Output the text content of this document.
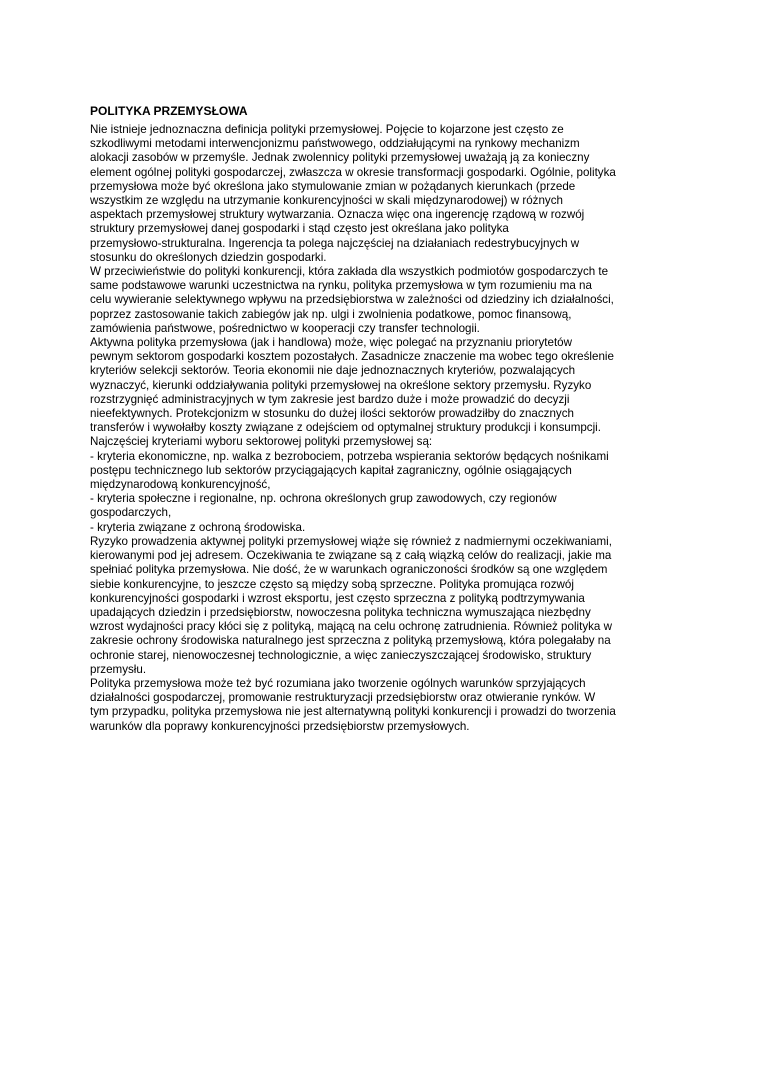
POLITYKA PRZEMYSŁOWA

Nie istnieje jednoznaczna definicja polityki przemysłowej. Pojęcie to kojarzone jest często ze
szkodliwymi metodami interwencjonizmu państwowego, oddziałującymi na rynkowy mechanizm
alokacji zasobów w przemyśle. Jednak zwolennicy polityki przemysłowej uważają ją za konieczny
element ogólnej polityki gospodarczej, zwłaszcza w okresie transformacji gospodarki. Ogólnie, polityka
przemysłowa może być określona jako stymulowanie zmian w pożądanych kierunkach (przede
wszystkim ze względu na utrzymanie konkurencyjności w skali międzynarodowej) w różnych
aspektach przemysłowej struktury wytwarzania. Oznacza więc ona ingerencję rządową w rozwój
struktury przemysłowej danej gospodarki i stąd często jest określana jako polityka
przemysłowo-strukturalna. Ingerencja ta polega najczęściej na działaniach redestrybucyjnych w
stosunku do określonych dziedzin gospodarki.

W przeciwieństwie do polityki konkurencji, która zakłada dla wszystkich podmiotów gospodarczych te
same podstawowe warunki uczestnictwa na rynku, polityka przemysłowa w tym rozumieniu ma na
celu wywieranie selektywnego wpływu na przedsiębiorstwa w zależności od dziedziny ich działalności,
poprzez zastosowanie takich zabiegów jak np. ulgi i zwolnienia podatkowe, pomoc finansową,
zamówienia państwowe, pośrednictwo w kooperacji czy transfer technologii.

Aktywna polityka przemysłowa (jak i handlowa) może, więc polegać na przyznaniu priorytetów
pewnym sektorom gospodarki kosztem pozostałych. Zasadnicze znaczenie ma wobec tego określenie
kryteriów selekcji sektorów. Teoria ekonomii nie daje jednoznacznych kryteriów, pozwalających
wyznaczyć, kierunki oddziaływania polityki przemysłowej na określone sektory przemysłu. Ryzyko
rozstrzygnięć administracyjnych w tym zakresie jest bardzo duże i może prowadzić do decyzji
nieefektywnych. Protekcjonizm w stosunku do dużej ilości sektorów prowadziłby do znacznych
transferów i wywołałby koszty związane z odejściem od optymalnej struktury produkcji i konsumpcji.

Najczęściej kryteriami wyboru sektorowej polityki przemysłowej są:

- kryteria ekonomiczne, np. walka z bezrobociem, potrzeba wspierania sektorów będących nośnikami
postępu technicznego lub sektorów przyciągających kapitał zagraniczny, ogólnie osiągających
międzynarodową konkurencyjność,

- kryteria społeczne i regionalne, np. ochrona określonych grup zawodowych, czy regionów
gospodarczych,

- kryteria związane z ochroną środowiska.

Ryzyko prowadzenia aktywnej polityki przemysłowej wiąże się również z nadmiernymi oczekiwaniami,
kierowanymi pod jej adresem. Oczekiwania te związane są z całą wiązką celów do realizacji, jakie ma
spełniać polityka przemysłowa. Nie dość, że w warunkach ograniczoności środków są one względem
siebie konkurencyjne, to jeszcze często są między sobą sprzeczne. Polityka promująca rozwój
konkurencyjności gospodarki i wzrost eksportu, jest często sprzeczna z polityką podtrzymywania
upadających dziedzin i przedsiębiorstw, nowoczesna polityka techniczna wymuszająca niezbędny
wzrost wydajności pracy kłóci się z polityką, mającą na celu ochronę zatrudnienia. Również polityka w
zakresie ochrony środowiska naturalnego jest sprzeczna z polityką przemysłową, która polegałaby na
ochronie starej, nienowoczesnej technologicznie, a więc zanieczyszczającej środowisko, struktury
przemysłu.

Polityka przemysłowa może też być rozumiana jako tworzenie ogólnych warunków sprzyjających
działalności gospodarczej, promowanie restrukturyzacji przedsiębiorstw oraz otwieranie rynków. W
tym przypadku, polityka przemysłowa nie jest alternatywną polityki konkurencji i prowadzi do tworzenia
warunków dla poprawy konkurencyjności przedsiębiorstw przemysłowych.
